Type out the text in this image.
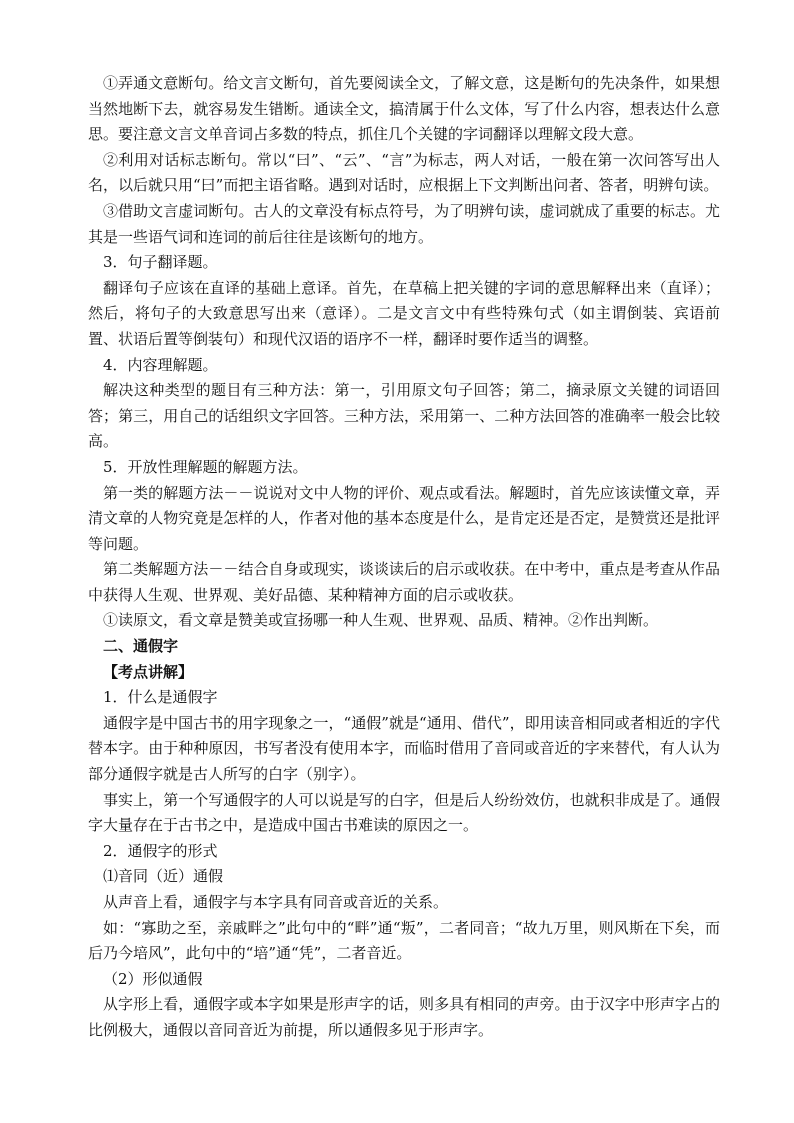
①弄通文意断句。给文言文断句，首先要阅读全文，了解文意，这是断句的先决条件，如果想当然地断下去，就容易发生错断。通读全文，搞清属于什么文体，写了什么内容，想表达什么意思。要注意文言文单音词占多数的特点，抓住几个关键的字词翻译以理解文段大意。

②利用对话标志断句。常以“曰”、“云”、“言”为标志，两人对话，一般在第一次问答写出人名，以后就只用“曰”而把主语省略。遇到对话时，应根据上下文判断出问者、答者，明辨句读。

③借助文言虚词断句。古人的文章没有标点符号，为了明辨句读，虚词就成了重要的标志。尤其是一些语气词和连词的前后往往是该断句的地方。

3．句子翻译题。

翻译句子应该在直译的基础上意译。首先，在草稿上把关键的字词的意思解释出来（直译）；然后，将句子的大致意思写出来（意译）。二是文言文中有些特殊句式（如主谓倒装、宾语前置、状语后置等倒装句）和现代汉语的语序不一样，翻译时要作适当的调整。

4．内容理解题。

解决这种类型的题目有三种方法：第一，引用原文句子回答；第二，摘录原文关键的词语回答；第三，用自己的话组织文字回答。三种方法，采用第一、二种方法回答的准确率一般会比较高。

5．开放性理解题的解题方法。

第一类的解题方法－－说说对文中人物的评价、观点或看法。解题时，首先应该读懂文章，弄清文章的人物究竟是怎样的人，作者对他的基本态度是什么，是肯定还是否定，是赞赏还是批评等问题。

第二类解题方法－－结合自身或现实，谈谈读后的启示或收获。在中考中，重点是考查从作品中获得人生观、世界观、美好品德、某种精神方面的启示或收获。

①读原文，看文章是赞美或宣扬哪一种人生观、世界观、品质、精神。②作出判断。

二、通假字

【考点讲解】

1．什么是通假字

通假字是中国古书的用字现象之一，“通假”就是“通用、借代”，即用读音相同或者相近的字代替本字。由于种种原因，书写者没有使用本字，而临时借用了音同或音近的字来替代，有人认为部分通假字就是古人所写的白字（别字）。

事实上，第一个写通假字的人可以说是写的白字，但是后人纷纷效仿，也就积非成是了。通假字大量存在于古书之中，是造成中国古书难读的原因之一。

2．通假字的形式

⑴音同（近）通假

从声音上看，通假字与本字具有同音或音近的关系。

如：“寡助之至，亲戚畔之”此句中的“畔”通“叛”，二者同音；“故九万里，则风斯在下矣，而后乃今培风”，此句中的“培”通“凭”，二者音近。

（2）形似通假

从字形上看，通假字或本字如果是形声字的话，则多具有相同的声旁。由于汉字中形声字占的比例极大，通假以音同音近为前提，所以通假多见于形声字。
